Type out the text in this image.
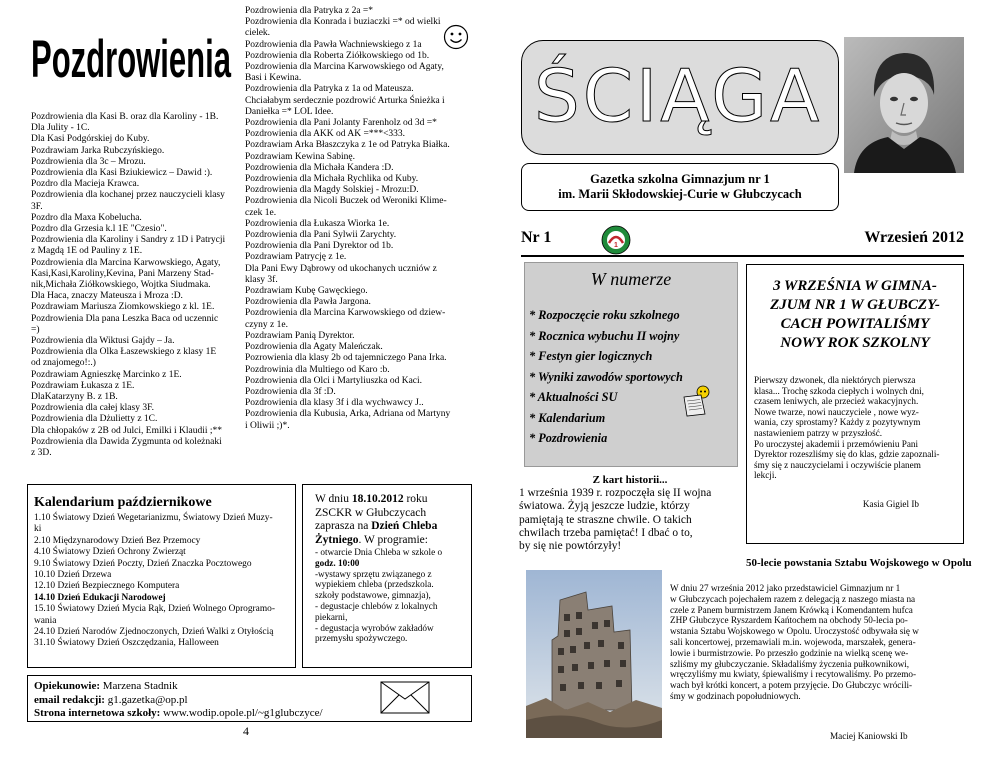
Pozdrowienia
Pozdrowienia dla Kasi B. oraz dla Karoliny - 1B.
Dla Julity - 1C.
Dla Kasi Podgórskiej do Kuby.
Pozdrawiam Jarka Rubczyńskiego.
Pozdrowienia dla 3c – Mrozu.
Pozdrowienia dla Kasi Bziukiewicz – Dawid :).
Pozdro dla Macieja Krawca.
Pozdrowienia dla kochanej przez nauczycieli klasy
3F.
Pozdro dla Maxa Kobelucha.
Pozdro dla Grzesia k.l 1E "Czesio".
Pozdrowienia dla Karoliny i Sandry z 1D i Patrycji
z Magdą 1E od Pauliny z 1E.
Pozdrowienia dla Marcina Karwowskiego, Agaty,
Kasi,Kasi,Karoliny,Kevina, Pani Marzeny Stad-
nik,Michała Ziółkowskiego, Wojtka Siudmaka.
Dla Haca, znaczy Mateusza i Mroza :D.
Pozdrawiam Mariusza Ziomkowskiego z kl. 1E.
Pozdrowienia Dla pana Leszka Baca od uczennic
=)
Pozdrowienia dla Wiktusi Gajdy – Ja.
Pozdrowienia dla Olka Łaszewskiego z klasy 1E
od znajomego!:.)
Pozdrawiam Agnieszkę Marcinko z 1E.
Pozdrawiam Łukasza z 1E.
DlaKatarzyny B. z 1B.
Pozdrowienia dla całej klasy 3F.
Pozdrowienia dla Dżulietty z 1C.
Dla chłopaków z 2B od Julci, Emilki i Klaudii ;**
Pozdrowienia dla Dawida Zygmunta od koleżnaki
z 3D.
Pozdrowienia dla Patryka z 2a =*
Pozdrowienia dla Konrada i buziaczki =* od wielki
cielek.
Pozdrowienia dla Pawła Wachniewskiego z 1a
Pozdrowienia dla Roberta Ziółkowskiego od 1b.
Pozdrowienia dla Marcina Karwowskiego od Agaty,
Basi i Kewina.
Pozdrowienia dla Patryka z 1a od Mateusza.
Chciałabym serdecznie pozdrowić Arturka Śnieżka i
Daniełka =* LOL Idee.
Pozdrowienia dla Pani Jolanty Farenholz od 3d =*
Pozdrowienia dla AKK od AK =***<333.
Pozdrawiam Arka Błaszczyka z 1e od Patryka Białka.
Pozdrawiam Kewina Sabinę.
Pozdrowienia dla Michała Kandera :D.
Pozdrowienia dla Michała Rychlika od Kuby.
Pozdrowienia dla Magdy Solskiej - Mrozu:D.
Pozdrowienia dla Nicoli Buczek od Weroniki Klime-
czek 1e.
Pozdrowienia dla Łukasza Wiorka 1e.
Pozdrowienia dla Pani Sylwii Zarychty.
Pozdrowienia dla Pani Dyrektor od 1b.
Pozdrawiam Patrycję z 1e.
Dla Pani Ewy Dąbrowy od ukochanych uczniów z
klasy 3f.
Pozdrawiam Kubę Gawęckiego.
Pozdrowienia dla Pawła Jargona.
Pozdrowienia dla Marcina Karwowskiego od dziew-
czyny z 1e.
Pozdrawiam Panią Dyrektor.
Pozdrowienia dla Agaty Maleńczak.
Pozrowienia dla klasy 2b od tajemniczego Pana Irka.
Pozdrowinia dla Multiego od Karo :b.
Pozdrowienia dla Olci i Martyliuszka od Kaci.
Pozdrowienia dla 3f :D.
Pozdrowienia dla klasy 3f i dla wychwawcy J..
Pozdrowienia dla Kubusia, Arka, Adriana od Martyny
i Oliwii ;)*.
Kalendarium październikowe
1.10 Światowy Dzień Wegetarianizmu, Światowy Dzień Muzy-
ki
2.10 Międzynarodowy Dzień Bez Przemocy
4.10 Światowy Dzień Ochrony Zwierząt
9.10 Światowy Dzień Poczty, Dzień Znaczka Pocztowego
10.10 Dzień Drzewa
12.10 Dzień Bezpiecznego Komputera
14.10 Dzień Edukacji Narodowej
15.10 Światowy Dzień Mycia Rąk, Dzień Wolnego Oprogramo-
wania
24.10 Dzień Narodów Zjednoczonych, Dzień Walki z Otyłością
31.10 Światowy Dzień Oszczędzania, Halloween
W dniu 18.10.2012 roku
ZSCKR w Głubczycach
zaprasza na Dzień Chleba
Żytniego. W programie:
- otwarcie Dnia Chleba w szkole o
godz. 10:00
-wystawy sprzętu związanego z
wypiekiem chleba (przedszkola.
szkoły podstawowe, gimnazja),
- degustacje chlebów z lokalnych
piekarni,
- degustacja wyrobów zakładów
przemysłu spożywczego.
Opiekunowie: Marzena Stadnik
email redakcji: g1.gazetka@op.pl
Strona internetowa szkoły: www.wodip.opole.pl/~g1glubczyce/
4
ŚCIĄGA
Gazetka szkolna Gimnazjum nr 1
im. Marii Skłodowskiej-Curie w Głubczycach
Nr 1	1	Wrzesień 2012
W numerze
* Rozpoczęcie roku szkolnego
* Rocznica wybuchu II wojny
* Festyn gier logicznych
* Wyniki zawodów sportowych
* Aktualności SU
* Kalendarium
* Pozdrowienia
Z kart historii...
1 września 1939 r. rozpoczęła się II wojna
światowa. Żyją jeszcze ludzie, którzy
pamiętają te straszne chwile. O takich
chwilach trzeba pamiętać! I dbać o to,
by się nie powtórzyły!
3 WRZEŚNIA W GIMNA-
ZJUM NR 1 W GŁUBCZY-
CACH POWITALIŚMY
NOWY ROK SZKOLNY
Pierwszy dzwonek, dla niektórych pierwsza
klasa... Trochę szkoda ciepłych i wolnych dni,
czasem leniwych, ale przecież wakacyjnych.
Nowe twarze, nowi nauczyciele , nowe wyz-
wania, czy sprostamy? Każdy z pozytywnym
nastawieniem patrzy w przyszłość.
Po uroczystej akademii i przemówieniu Pani
Dyrektor rozeszliśmy się do klas, gdzie zapoznali-
śmy się z nauczycielami i oczywiście planem
lekcji.
Kasia Gigiel Ib
50-lecie powstania Sztabu Wojskowego w Opolu
W dniu 27 września 2012 jako przedstawiciel Gimnazjum nr 1
w Głubczycach pojechałem razem z delegacją z naszego miasta na
czele z Panem burmistrzem Janem Krówką i Komendantem hufca
ZHP Głubczyce Ryszardem Kańtochem na obchody 50-lecia po-
wstania Sztabu Wojskowego w Opolu. Uroczystość odbywała się w
sali koncertowej, przemawiali m.in. wojewoda, marszałek, genera-
lowie i burmistrzowie. Po przeszło godzinie na wielką scenę we-
szliśmy my głubczyczanie. Składaliśmy życzenia pułkownikowi,
wręczyliśmy mu kwiaty, śpiewaliśmy i recytowaliśmy. Po przemo-
wach był krótki koncert, a potem przyjęcie. Do Głubczyc wrócili-
śmy w godzinach popołudniowych.
Maciej Kaniowski Ib
